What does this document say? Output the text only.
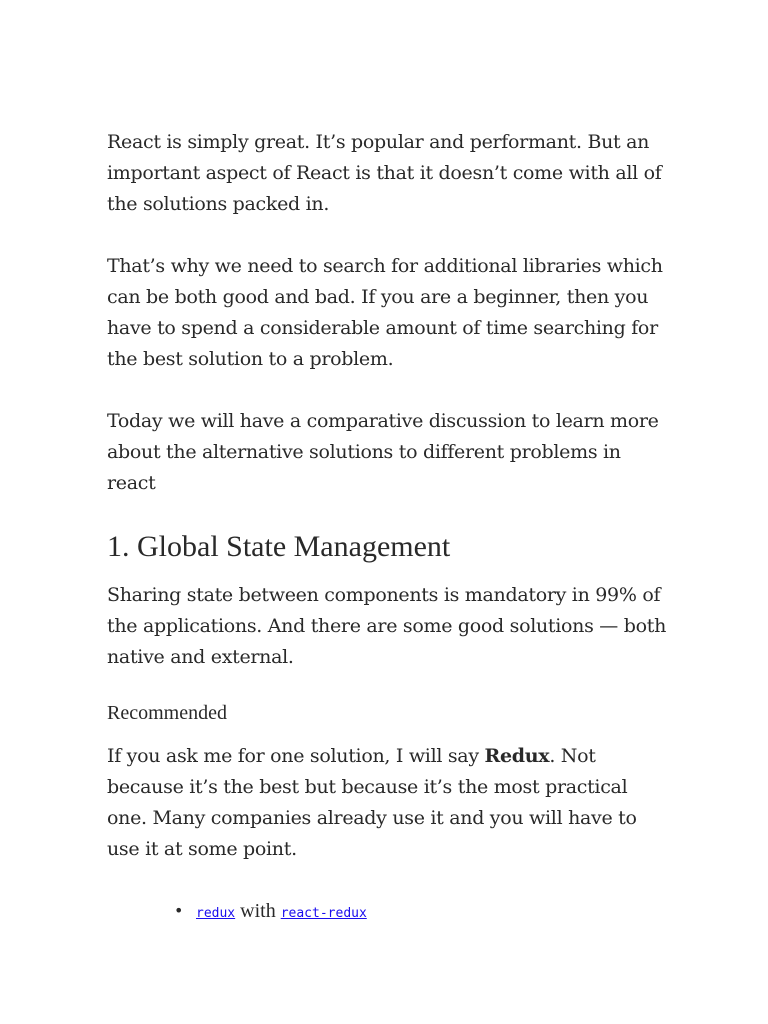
React is simply great. It’s popular and performant. But an important aspect of React is that it doesn’t come with all of the solutions packed in.

That’s why we need to search for additional libraries which can be both good and bad. If you are a beginner, then you have to spend a considerable amount of time searching for the best solution to a problem.

Today we will have a comparative discussion to learn more about the alternative solutions to different problems in react

1. Global State Management

Sharing state between components is mandatory in 99% of the applications. And there are some good solutions — both native and external.

Recommended

If you ask me for one solution, I will say Redux. Not because it’s the best but because it’s the most practical one. Many companies already use it and you will have to use it at some point.

• redux with react-redux
